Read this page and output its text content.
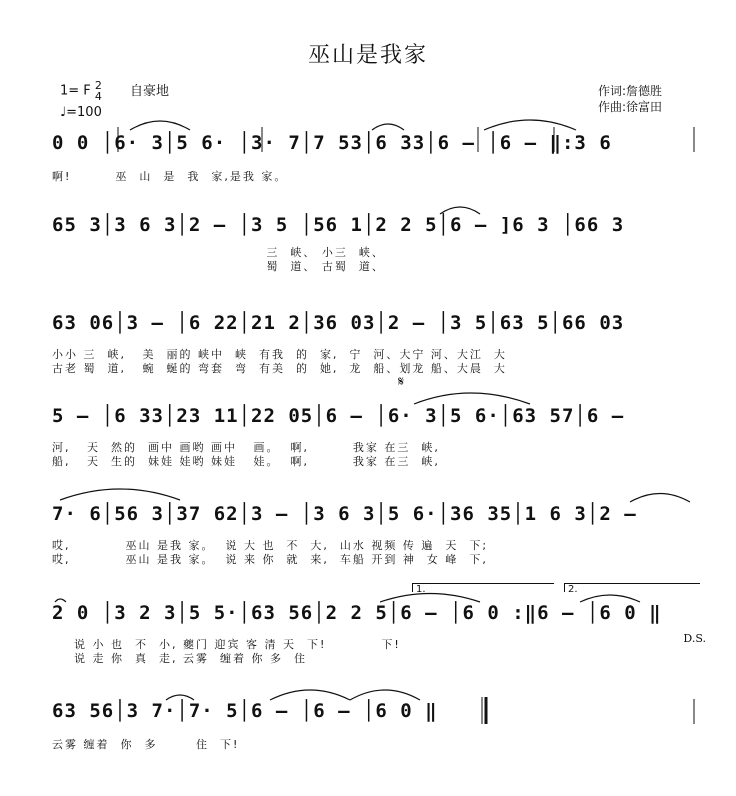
巫山是我家
1= F 2
4
♩=100
自豪地	作词:詹德胜
作曲:徐富田
0 0 │6· 3│5 6· │3· 7│7 53│6 33│6 – │6 – ‖:3 6
啊!        巫  山  是  我  家,是我 家。
65 3│3 6 3│2 – │3 5 │56 1│2 2 5│6 – ]6 3 │66 3
三  峡、 小三  峡、
蜀  道、 古蜀  道、
63 06│3 – │6 22│21 2│36 03│2 – │3 5│63 5│66 03
小小 三  峡,   美  丽的 峡中  峡  有我  的  家,  宁  河、大宁 河、大江  大
古老 蜀  道,   蜿  蜒的 弯套  弯  有美  的  她,  龙  船、划龙 船、大晨  大
𝄋
5 – │6 33│23 11│22 05│6 – │6· 3│5 6·│63 57│6 –
河,   天  然的  画中 画哟 画中   画。  啊,        我家 在三  峡,
船,   天  生的  妹娃 娃哟 妹娃   娃。  啊,        我家 在三  峡,
7· 6│56 3│37 62│3 – │3 6 3│5 6·│36 35│1 6 3│2 –
哎,          巫山 是我 家。  说 大 也  不  大,  山水 视频 传 遍  天  下;
哎,          巫山 是我 家。  说 来 你  就  来,  车船 开到 神  女 峰  下,
1.	2.
2 0 │3 2 3│5 5·│63 56│2 2 5│6 – │6 0 :‖6 – │6 0 ‖
说 小 也  不  小, 夔门 迎宾 客 清 天  下!          下!
说 走 你  真  走, 云雾  缠着 你 多  住
D.S.
63 56│3 7·│7· 5│6 – │6 – │6 0 ‖
云雾 缠着  你  多       住  下!
